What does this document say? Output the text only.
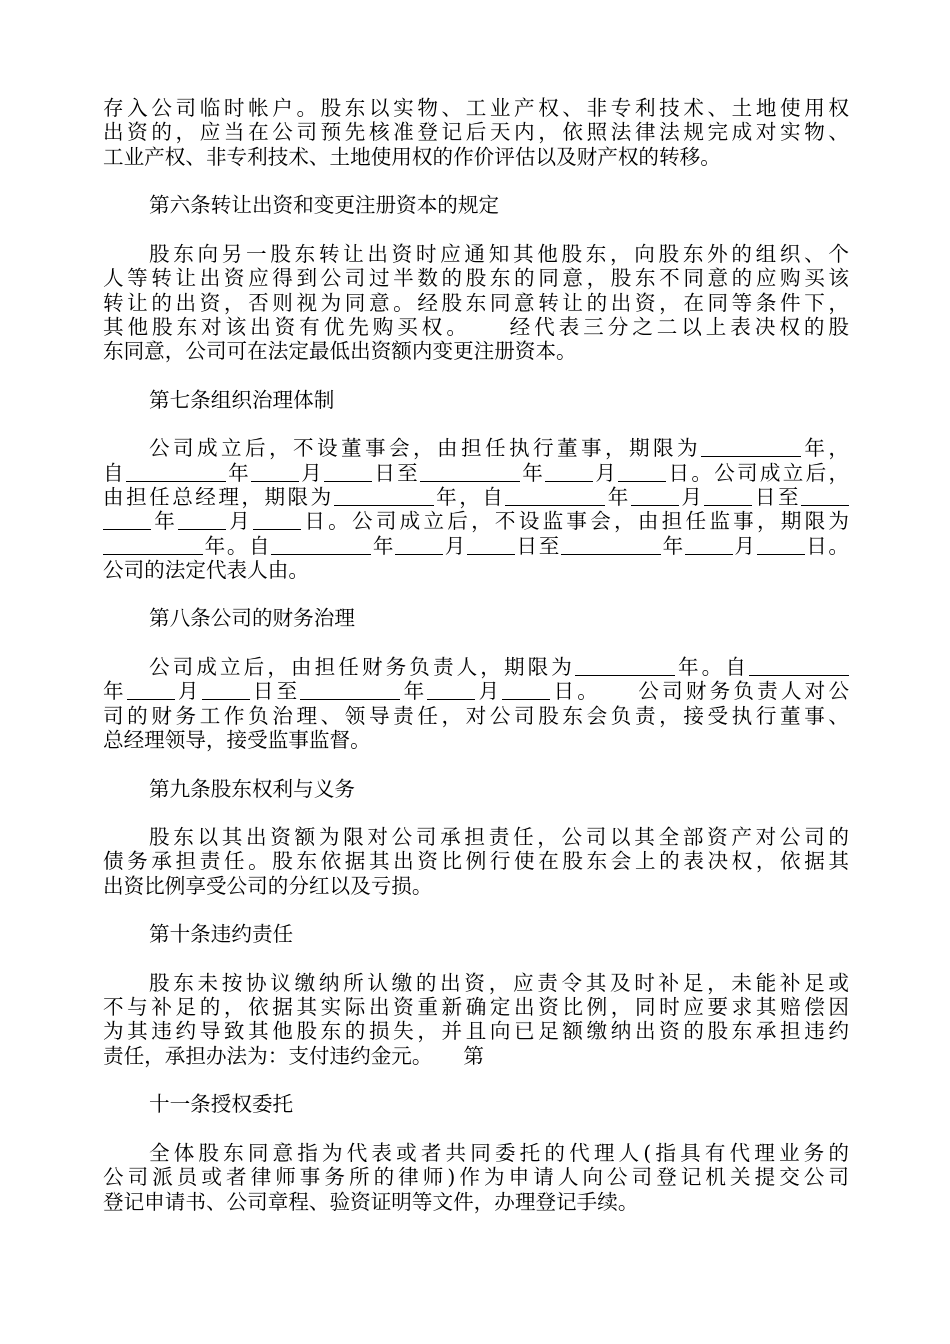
存入公司临时帐户。股东以实物、工业产权、非专利技术、土地使用权
出资的，应当在公司预先核准登记后天内，依照法律法规完成对实物、
工业产权、非专利技术、土地使用权的作价评估以及财产权的转移。
第六条转让出资和变更注册资本的规定
股东向另一股东转让出资时应通知其他股东，向股东外的组织、个
人等转让出资应得到公司过半数的股东的同意，股东不同意的应购买该
转让的出资，否则视为同意。经股东同意转让的出资，在同等条件下，
其他股东对该出资有优先购买权。　　经代表三分之二以上表决权的股
东同意，公司可在法定最低出资额内变更注册资本。
第七条组织治理体制
公司成立后，不设董事会，由担任执行董事，期限为	年，
自	年 月 日至	年 月 日。公司成立后，
由担任总经理，期限为	年，自	年 月 日至
年 月 日。公司成立后，不设监事会，由担任监事，期限为
年。自	年 月 日至	年 月 日。
公司的法定代表人由。
第八条公司的财务治理
公司成立后，由担任财务负责人，期限为	年。自
年 月 日至	年 月 日。　　公司财务负责人对公
司的财务工作负治理、领导责任，对公司股东会负责，接受执行董事、
总经理领导，接受监事监督。
第九条股东权利与义务
股东以其出资额为限对公司承担责任，公司以其全部资产对公司的
债务承担责任。股东依据其出资比例行使在股东会上的表决权，依据其
出资比例享受公司的分红以及亏损。
第十条违约责任
股东未按协议缴纳所认缴的出资，应责令其及时补足，未能补足或
不与补足的，依据其实际出资重新确定出资比例，同时应要求其赔偿因
为其违约导致其他股东的损失，并且向已足额缴纳出资的股东承担违约
责任，承担办法为：支付违约金元。　　第
十一条授权委托
全体股东同意指为代表或者共同委托的代理人(指具有代理业务的
公司派员或者律师事务所的律师)作为申请人向公司登记机关提交公司
登记申请书、公司章程、验资证明等文件，办理登记手续。
